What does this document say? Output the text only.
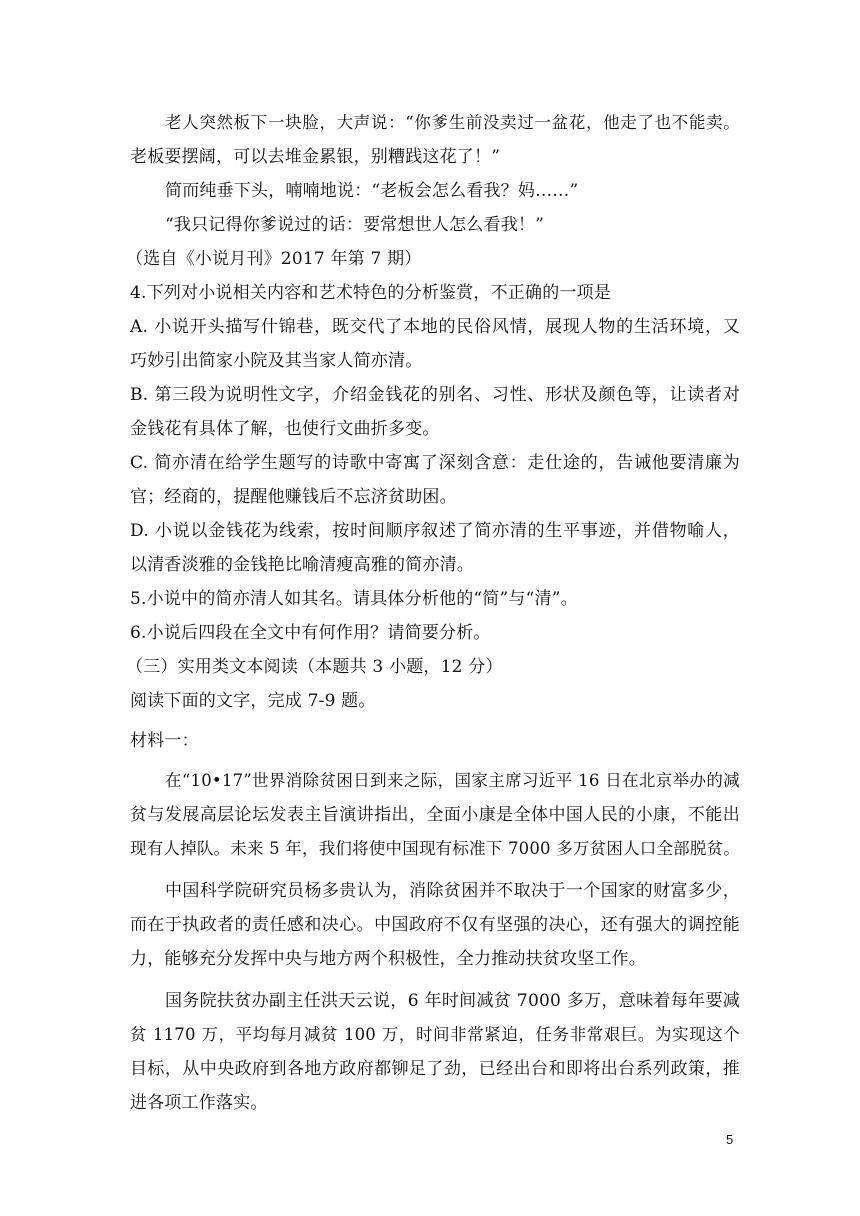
老人突然板下一块脸，大声说：“你爹生前没卖过一盆花，他走了也不能卖。
老板要摆阔，可以去堆金累银，别糟践这花了！”
简而纯垂下头，喃喃地说：“老板会怎么看我？妈……”
“我只记得你爹说过的话：要常想世人怎么看我！”
（选自《小说月刊》2017 年第 7 期）
4.下列对小说相关内容和艺术特色的分析鉴赏，不正确的一项是
A. 小说开头描写什锦巷，既交代了本地的民俗风情，展现人物的生活环境，又
巧妙引出简家小院及其当家人简亦清。
B. 第三段为说明性文字，介绍金钱花的别名、习性、形状及颜色等，让读者对
金钱花有具体了解，也使行文曲折多变。
C. 简亦清在给学生题写的诗歌中寄寓了深刻含意：走仕途的，告诫他要清廉为
官；经商的，提醒他赚钱后不忘济贫助困。
D. 小说以金钱花为线索，按时间顺序叙述了简亦清的生平事迹，并借物喻人，
以清香淡雅的金钱艳比喻清瘦高雅的简亦清。
5.小说中的简亦清人如其名。请具体分析他的“简”与“清”。
6.小说后四段在全文中有何作用？请简要分析。
（三）实用类文本阅读（本题共 3 小题，12 分）
阅读下面的文字，完成 7-9 题。
材料一：
在“10•17”世界消除贫困日到来之际，国家主席习近平 16 日在北京举办的减
贫与发展高层论坛发表主旨演讲指出，全面小康是全体中国人民的小康，不能出
现有人掉队。未来 5 年，我们将使中国现有标准下 7000 多万贫困人口全部脱贫。
中国科学院研究员杨多贵认为，消除贫困并不取决于一个国家的财富多少，
而在于执政者的责任感和决心。中国政府不仅有坚强的决心，还有强大的调控能
力，能够充分发挥中央与地方两个积极性，全力推动扶贫攻坚工作。
国务院扶贫办副主任洪天云说，6 年时间减贫 7000 多万，意味着每年要减
贫 1170 万，平均每月减贫 100 万，时间非常紧迫，任务非常艰巨。为实现这个
目标，从中央政府到各地方政府都铆足了劲，已经出台和即将出台系列政策，推
进各项工作落实。
5
